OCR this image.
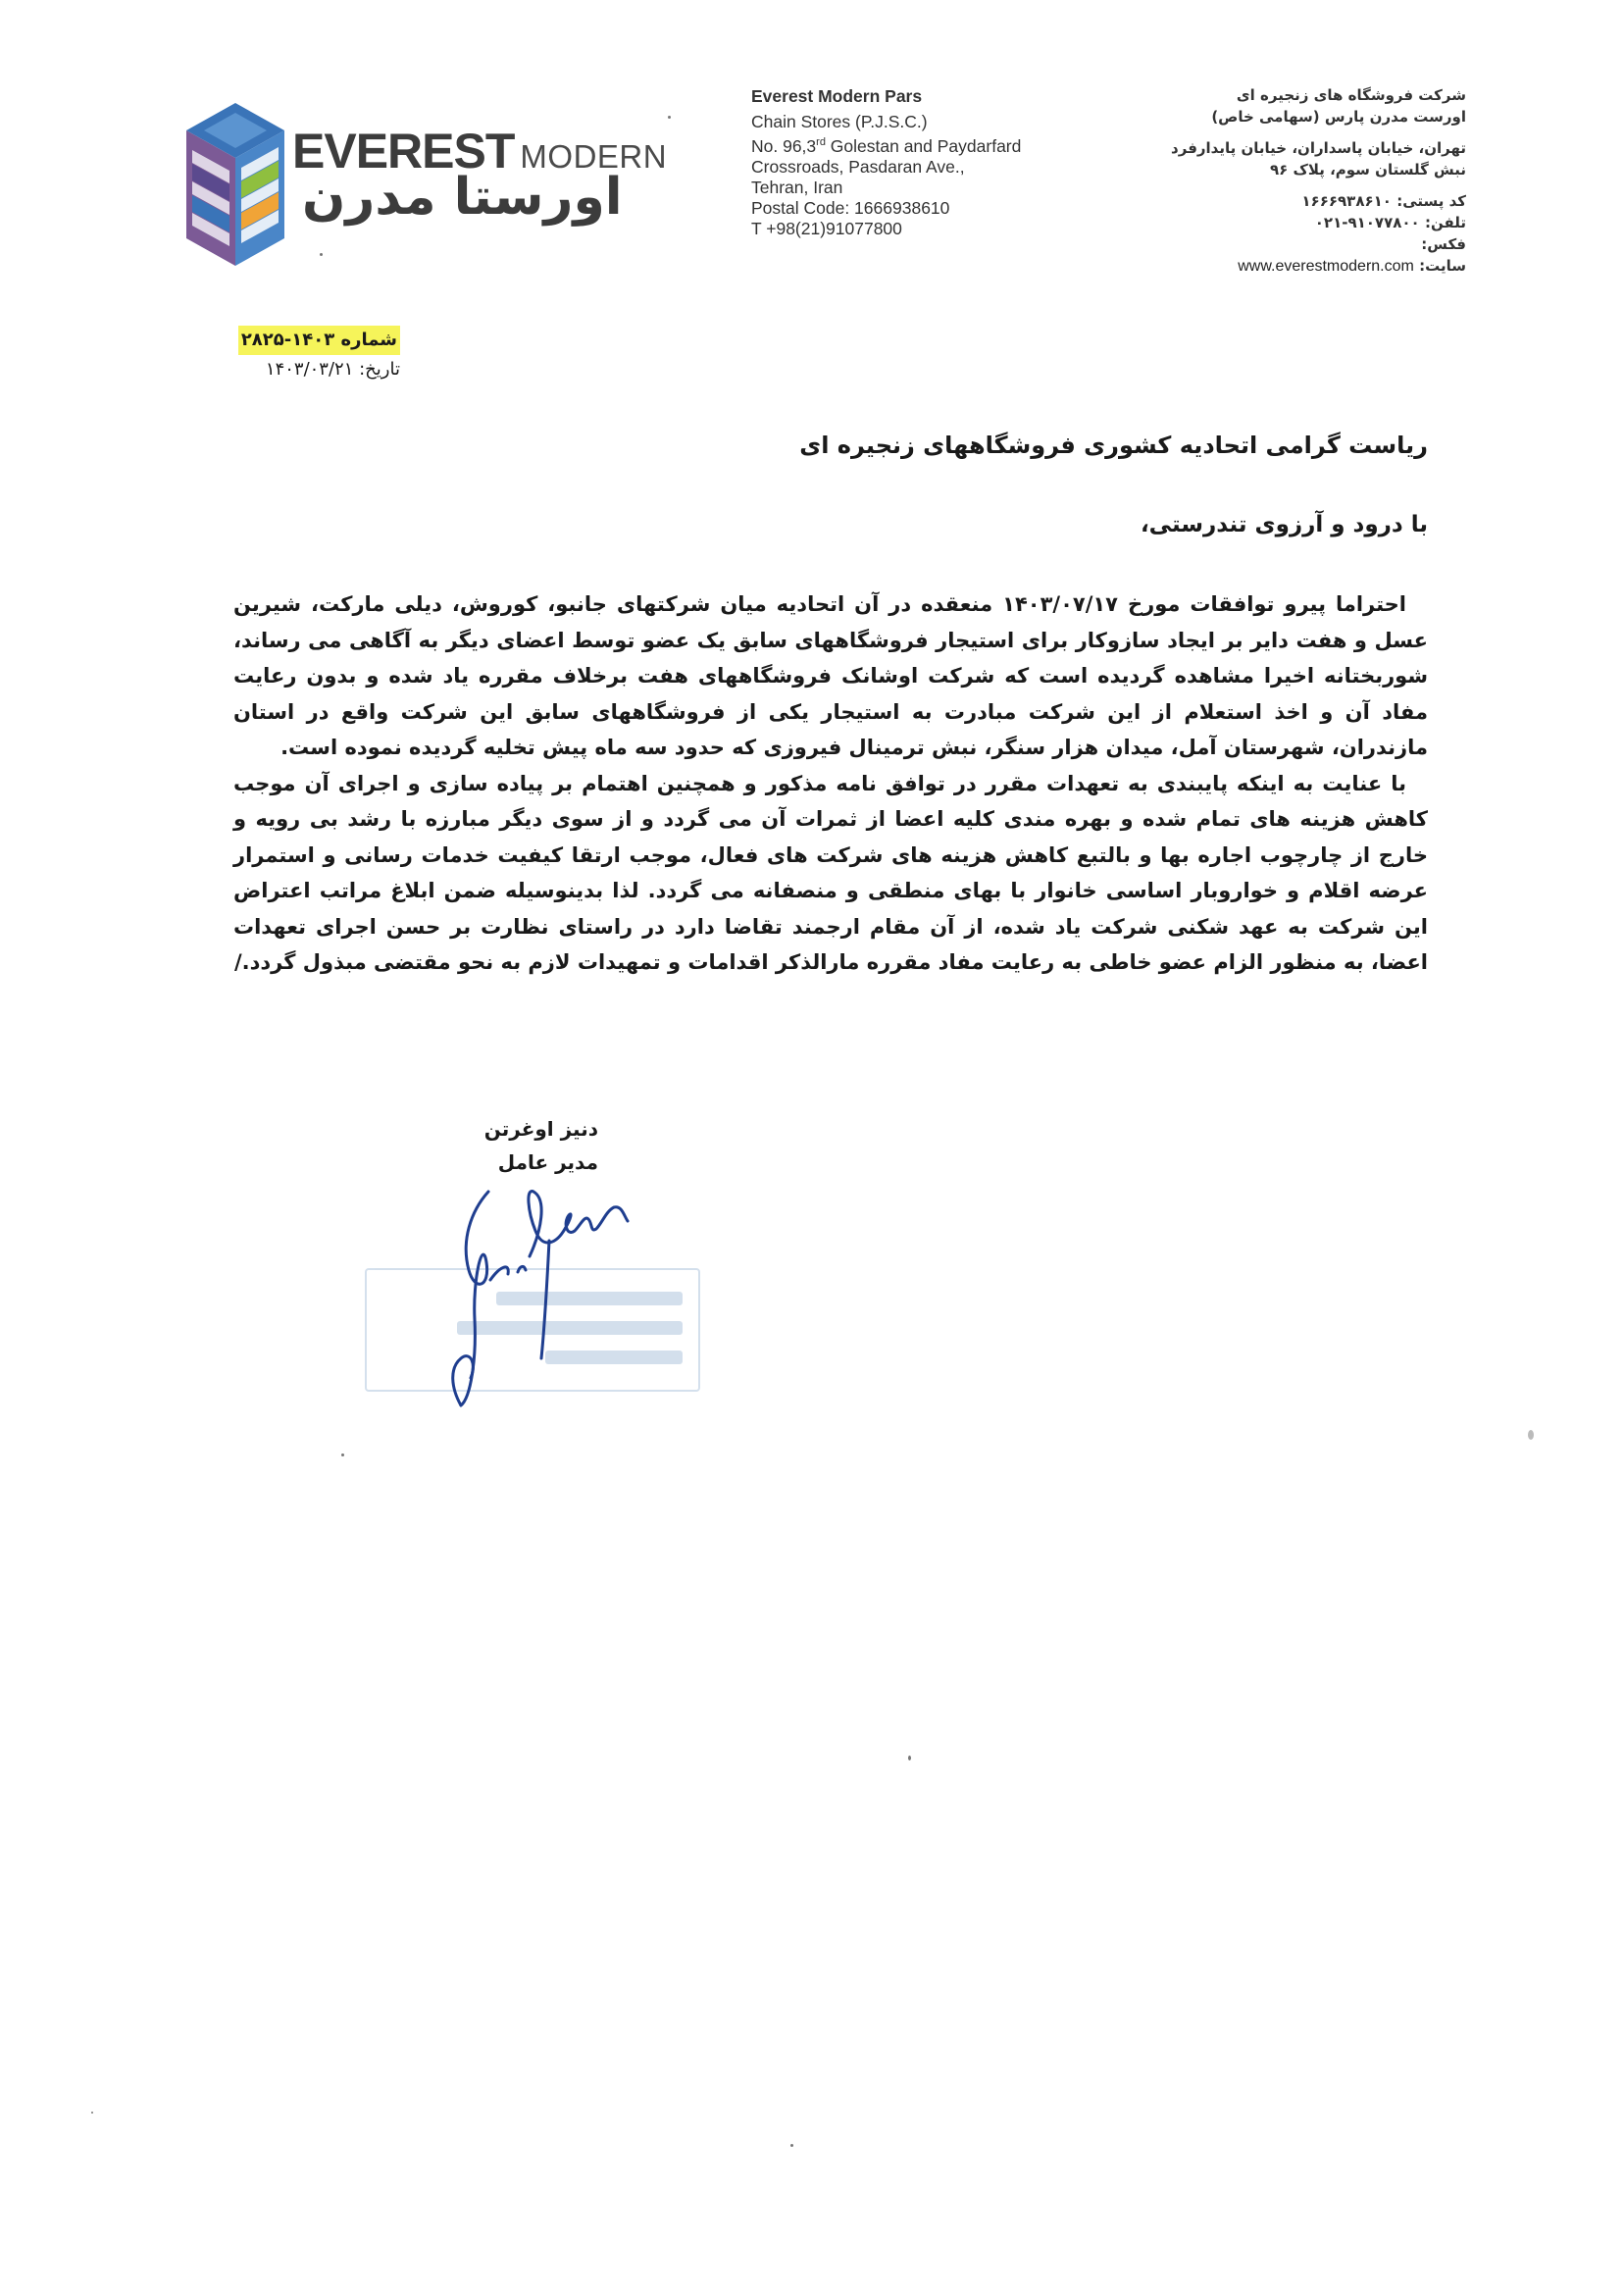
EVEREST MODERN
اورستا مدرن
Everest Modern Pars
Chain Stores (P.J.S.C.)
No. 96,3rd Golestan and Paydarfard
Crossroads, Pasdaran Ave.,
Tehran, Iran
Postal Code: 1666938610
T +98(21)91077800
شرکت فروشگاه های زنجیره ای
اورست مدرن پارس (سهامی خاص)
تهران، خیابان پاسداران، خیابان پایدارفرد
نبش گلستان سوم، پلاک ۹۶
کد پستی: ۱۶۶۶۹۳۸۶۱۰
تلفن: ۹۱۰۷۷۸۰۰-۰۲۱
فکس:
سایت: www.everestmodern.com
شماره ۱۴۰۳-۲۸۲۵
تاریخ: ۱۴۰۳/۰۳/۲۱
ریاست گرامی اتحادیه کشوری فروشگاههای زنجیره ای
با درود و آرزوی تندرستی،

احتراما پیرو توافقات مورخ ۱۴۰۳/۰۷/۱۷ منعقده در آن اتحادیه میان شرکتهای جانبو، کوروش، دیلی مارکت، شیرین عسل و هفت دایر بر ایجاد سازوکار برای استیجار فروشگاههای سابق یک عضو توسط اعضای دیگر به آگاهی می رساند، شوربختانه اخیرا مشاهده گردیده است که شرکت اوشانک فروشگاههای هفت برخلاف مقرره یاد شده و بدون رعایت مفاد آن و اخذ استعلام از این شرکت مبادرت به استیجار یکی از فروشگاههای سابق این شرکت واقع در استان مازندران، شهرستان آمل، میدان هزار سنگر، نبش ترمینال فیروزی که حدود سه ماه پیش تخلیه گردیده نموده است.

با عنایت به اینکه پایبندی به تعهدات مقرر در توافق نامه مذکور و همچنین اهتمام بر پیاده سازی و اجرای آن موجب کاهش هزینه های تمام شده و بهره مندی کلیه اعضا از ثمرات آن می گردد و از سوی دیگر مبارزه با رشد بی رویه و خارج از چارچوب اجاره بها و بالتبع کاهش هزینه های شرکت های فعال، موجب ارتقا کیفیت خدمات رسانی و استمرار عرضه اقلام و خواروبار اساسی خانوار با بهای منطقی و منصفانه می گردد. لذا بدینوسیله ضمن ابلاغ مراتب اعتراض این شرکت به عهد شکنی شرکت یاد شده، از آن مقام ارجمند تقاضا دارد در راستای نظارت بر حسن اجرای تعهدات اعضا، به منظور الزام عضو خاطی به رعایت مفاد مقرره مارالذکر اقدامات و تمهیدات لازم به نحو مقتضی مبذول گردد./

دنیز اوغرتن
مدیر عامل
